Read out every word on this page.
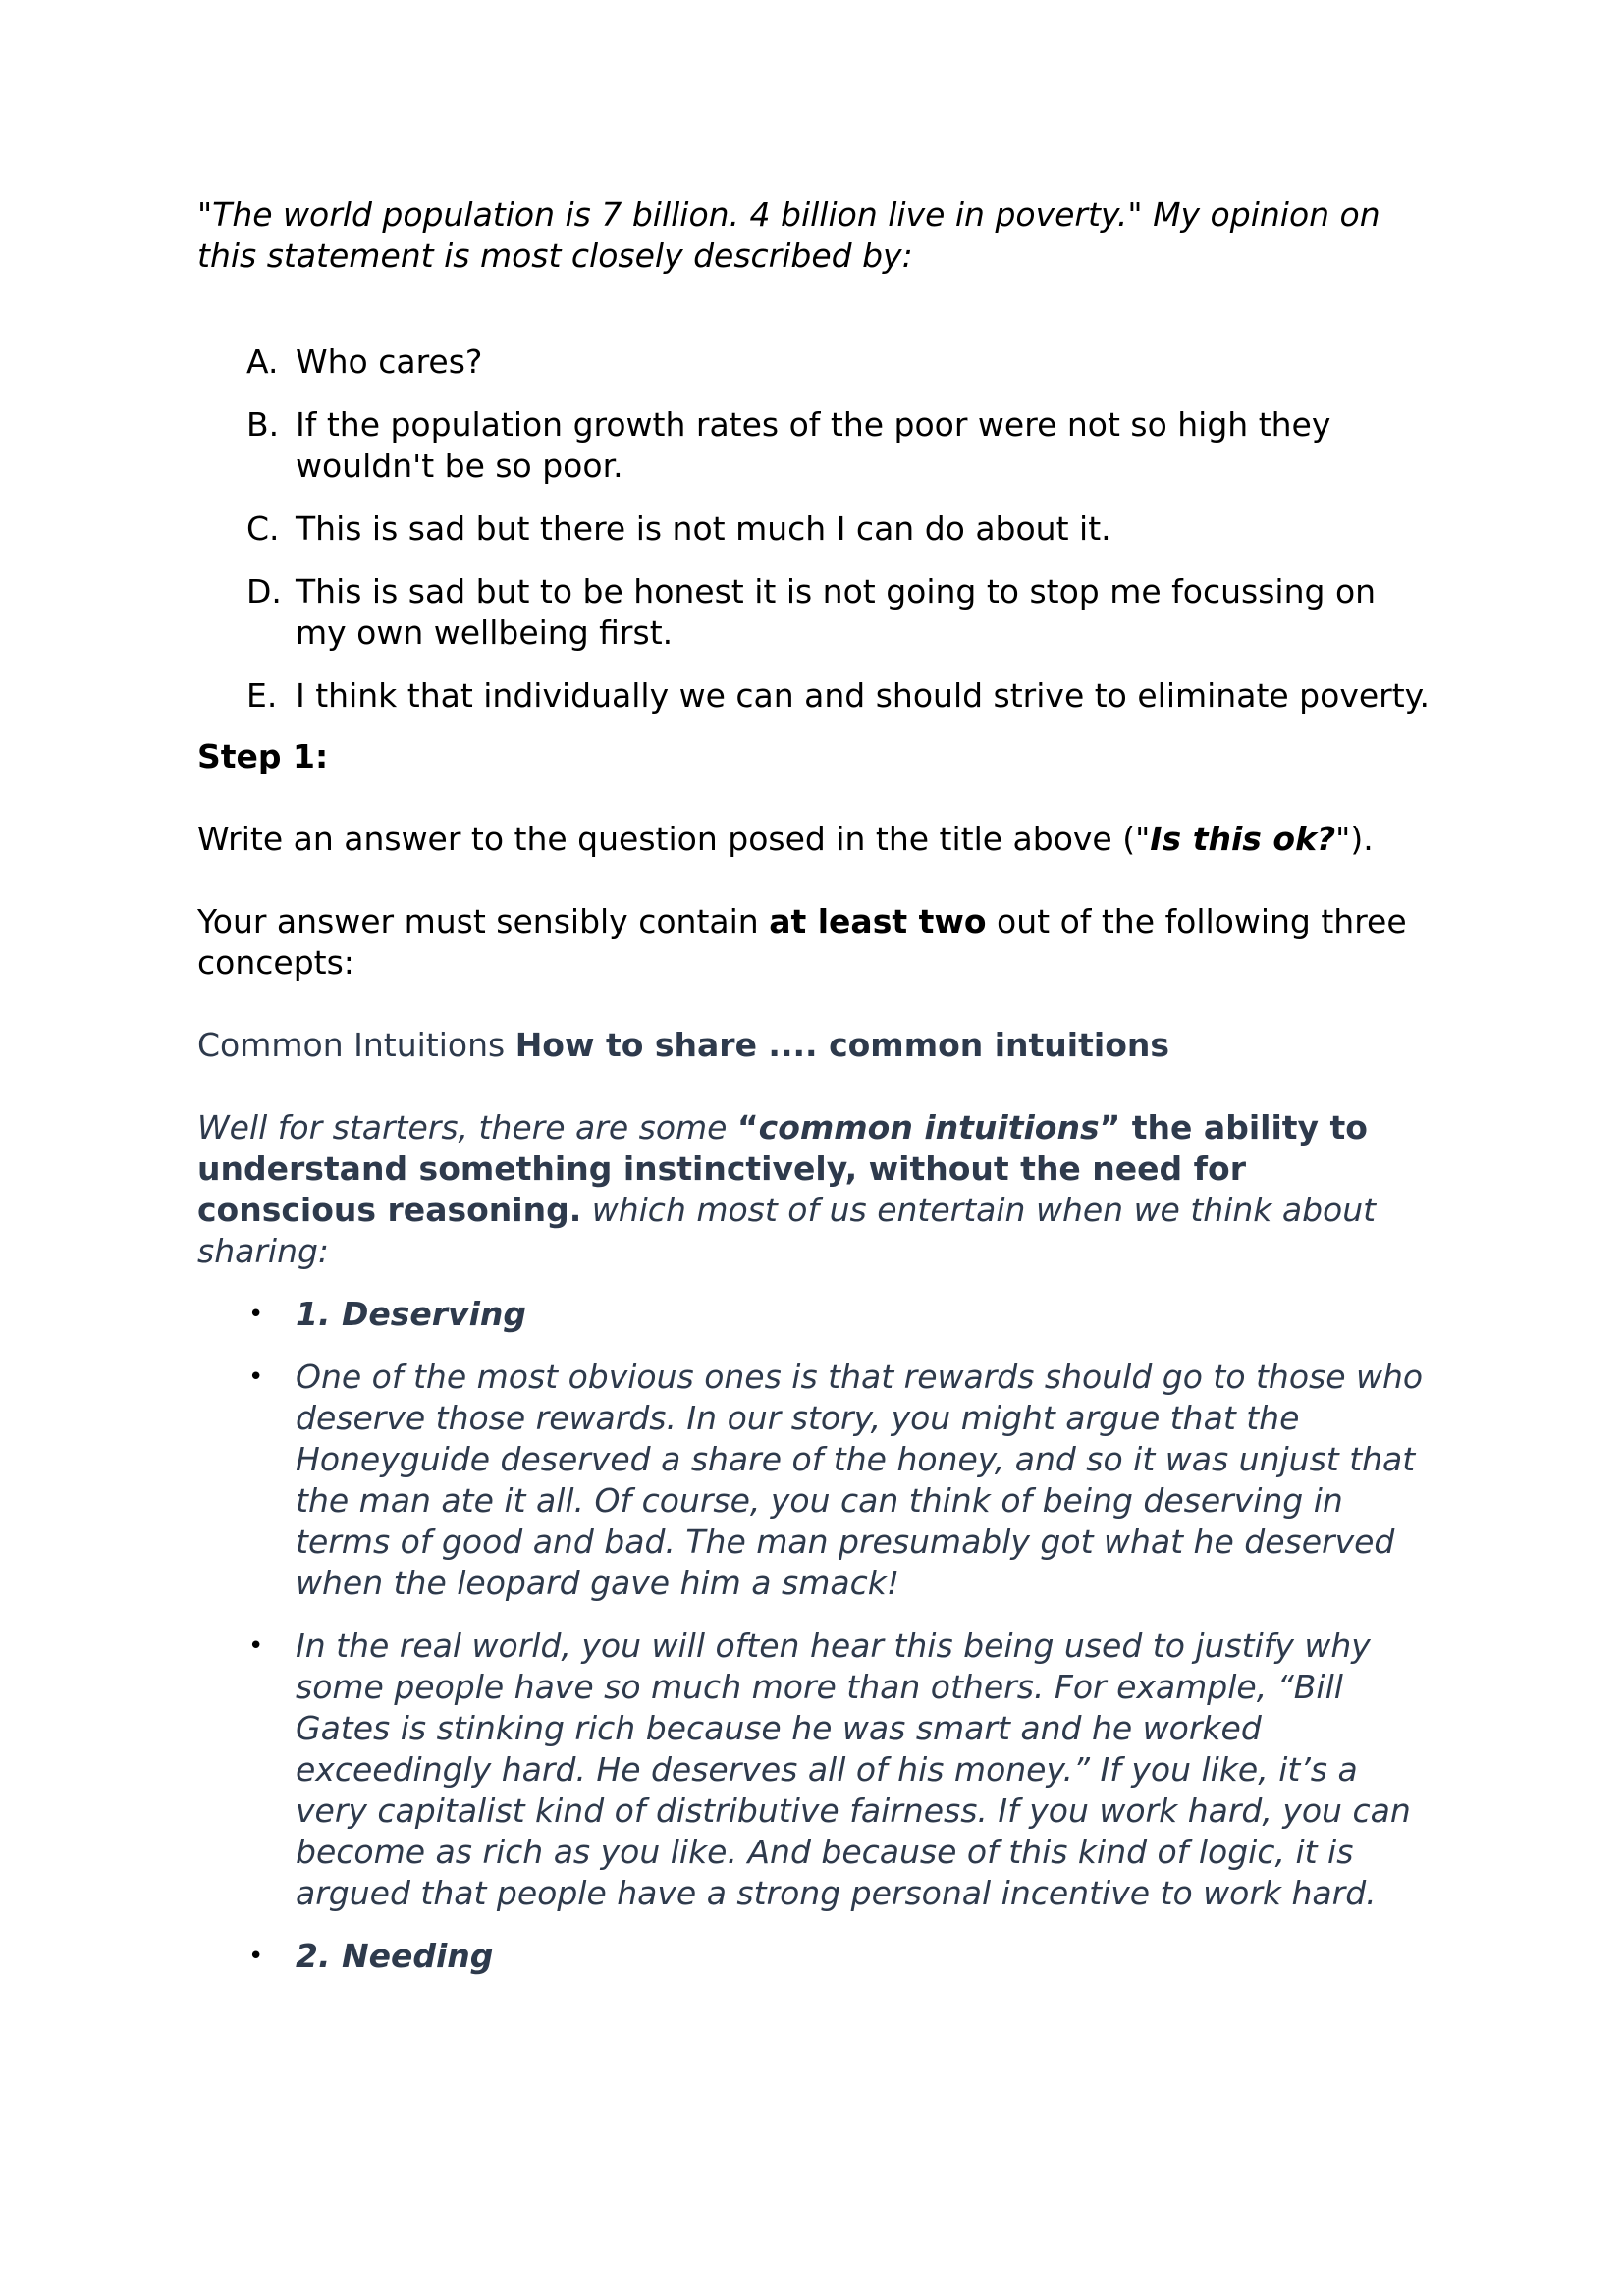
"The world population is 7 billion. 4 billion live in poverty." My opinion on this statement is most closely described by:

A. Who cares?
B. If the population growth rates of the poor were not so high they wouldn't be so poor.
C. This is sad but there is not much I can do about it.
D. This is sad but to be honest it is not going to stop me focussing on my own wellbeing first.
E. I think that individually we can and should strive to eliminate poverty.

Step 1:

Write an answer to the question posed in the title above ("Is this ok?").

Your answer must sensibly contain at least two out of the following three concepts:

Common Intuitions How to share .... common intuitions

Well for starters, there are some “common intuitions” the ability to understand something instinctively, without the need for conscious reasoning. which most of us entertain when we think about sharing:

• 1. Deserving
• One of the most obvious ones is that rewards should go to those who deserve those rewards. In our story, you might argue that the Honeyguide deserved a share of the honey, and so it was unjust that the man ate it all. Of course, you can think of being deserving in terms of good and bad. The man presumably got what he deserved when the leopard gave him a smack!
• In the real world, you will often hear this being used to justify why some people have so much more than others. For example, “Bill Gates is stinking rich because he was smart and he worked exceedingly hard. He deserves all of his money.” If you like, it’s a very capitalist kind of distributive fairness. If you work hard, you can become as rich as you like. And because of this kind of logic, it is argued that people have a strong personal incentive to work hard.
• 2. Needing
